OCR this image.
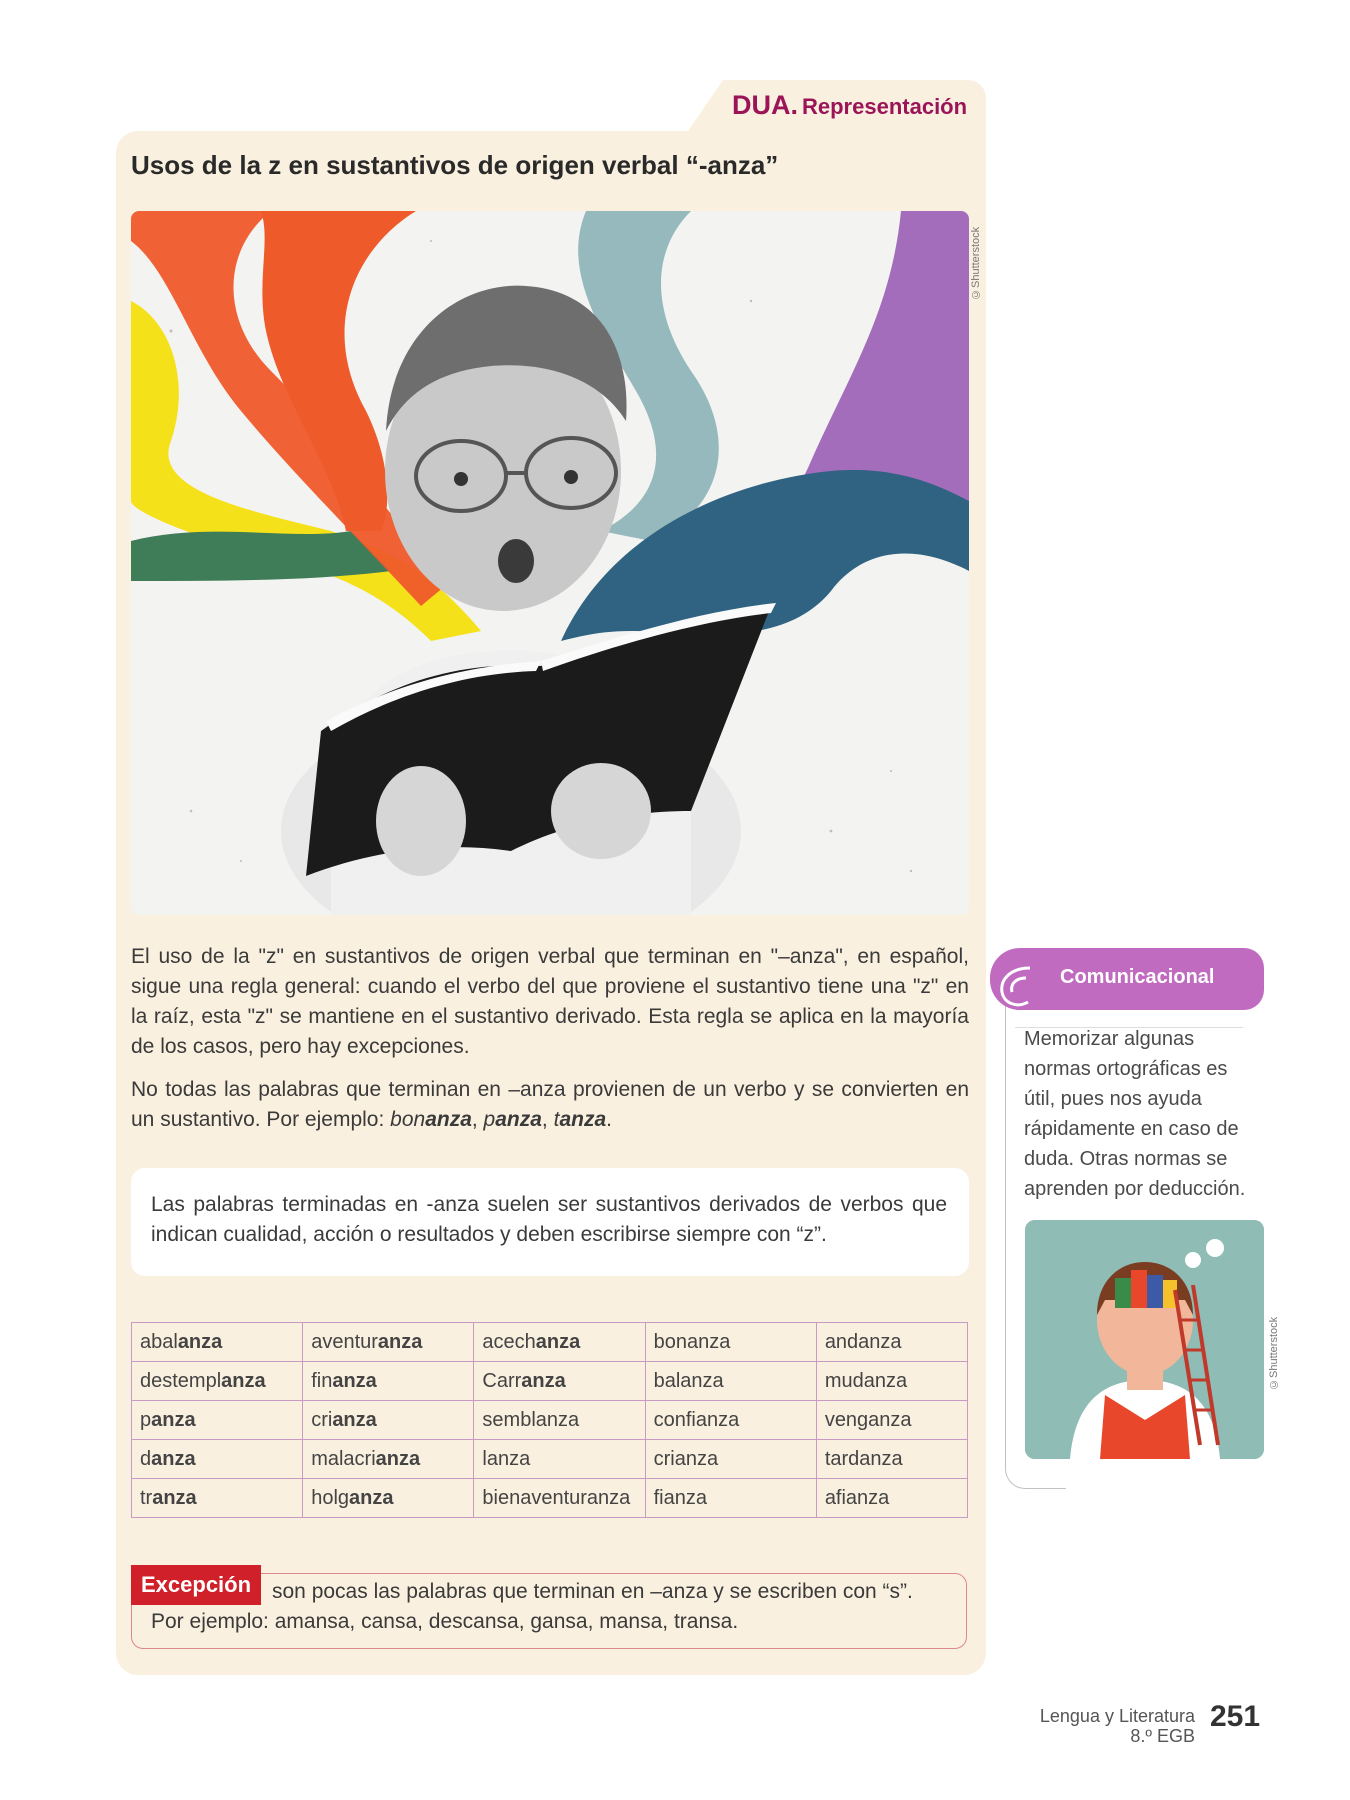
DUA. Representación
Usos de la z en sustantivos de origen verbal “-anza”
©Shutterstock
El uso de la "z" en sustantivos de origen verbal que terminan en "–anza", en español, sigue una regla general: cuando el verbo del que proviene el sustantivo tiene una "z" en la raíz, esta "z" se mantiene en el sustantivo derivado. Esta regla se aplica en la mayoría de los casos, pero hay excepciones.
No todas las palabras que terminan en –anza provienen de un verbo y se convierten en un sustantivo. Por ejemplo: bonanza, panza, tanza.

Las palabras terminadas en -anza suelen ser sustantivos derivados de verbos que indican cualidad, acción o resultados y deben escribirse siempre con “z”.

abalanza	aventuranza	acechanza	bonanza	andanza
destemplanza	finanza	Carranza	balanza	mudanza
panza	crianza	semblanza	confianza	venganza
danza	malacrianza	lanza	crianza	tardanza
tranza	holganza	bienaventuranza	fianza	afianza
Excepción son pocas las palabras que terminan en –anza y se escriben con “s”.
Por ejemplo: amansa, cansa, descansa, gansa, mansa, transa.
Comunicacional
Memorizar algunas normas ortográficas es útil, pues nos ayuda rápidamente en caso de duda. Otras normas se aprenden por deducción.
©Shutterstock
Lengua y Literatura
8.º EGB
251
